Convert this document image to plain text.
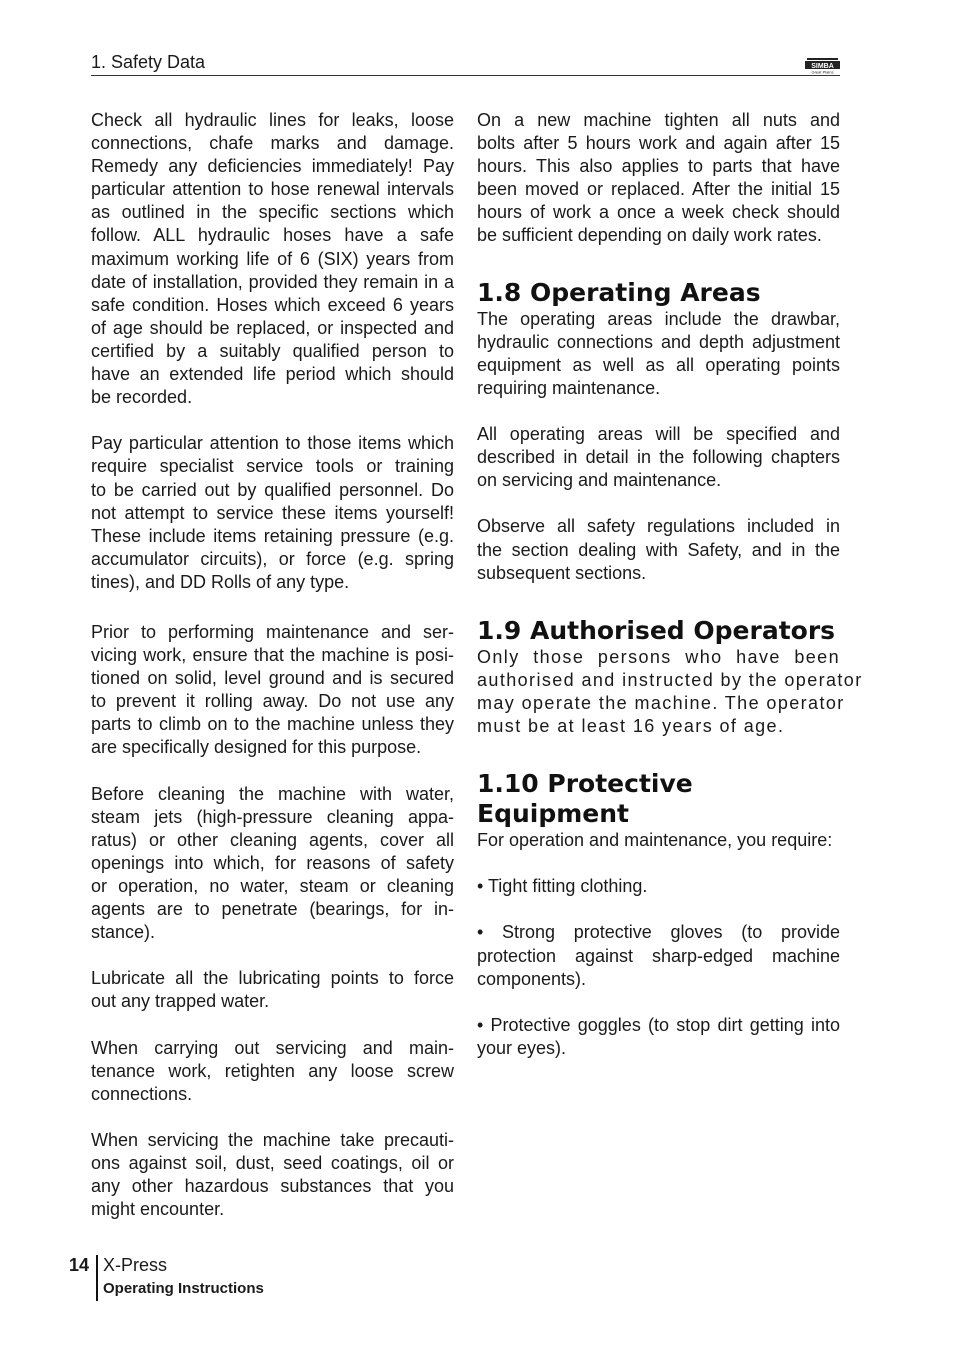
1. Safety Data	SIMBA
Great Plains
Check all hydraulic lines for leaks, loose
connections, chafe marks and damage.
Remedy any deficiencies immediately! Pay
particular attention to hose renewal intervals
as outlined in the specific sections which
follow. ALL hydraulic hoses have a safe
maximum working life of 6 (SIX) years from
date of installation, provided they remain in a
safe condition. Hoses which exceed 6 years
of age should be replaced, or inspected and
certified by a suitably qualified person to
have an extended life period which should
be recorded.
Pay particular attention to those items which
require specialist service tools or training
to be carried out by qualified personnel. Do
not attempt to service these items yourself!
These include items retaining pressure (e.g.
accumulator circuits), or force (e.g. spring
tines), and DD Rolls of any type.
Prior to performing maintenance and ser-
vicing work, ensure that the machine is posi-
tioned on solid, level ground and is secured
to prevent it rolling away. Do not use any
parts to climb on to the machine unless they
are specifically designed for this purpose.
Before cleaning the machine with water,
steam jets (high-pressure cleaning appa-
ratus) or other cleaning agents, cover all
openings into which, for reasons of safety
or operation, no water, steam or cleaning
agents are to penetrate (bearings, for in-
stance).
Lubricate all the lubricating points to force
out any trapped water.
When carrying out servicing and main-
tenance work, retighten any loose screw
connections.
When servicing the machine take precauti-
ons against soil, dust, seed coatings, oil or
any other hazardous substances that you
might encounter.
On a new machine tighten all nuts and
bolts after 5 hours work and again after 15
hours. This also applies to parts that have
been moved or replaced. After the initial 15
hours of work a once a week check should
be sufficient depending on daily work rates.
1.8 Operating Areas
The operating areas include the drawbar,
hydraulic connections and depth adjustment
equipment as well as all operating points
requiring maintenance.
All operating areas will be specified and
described in detail in the following chapters
on servicing and maintenance.
Observe all safety regulations included in
the section dealing with Safety, and in the
subsequent sections.
1.9 Authorised Operators
Only those persons who have been
authorised and instructed by the operator
may operate the machine. The operator
must be at least 16 years of age.
1.10 Protective
Equipment
For operation and maintenance, you require:
• Tight fitting clothing.
• Strong protective gloves (to provide
protection against sharp-edged machine
components).
• Protective goggles (to stop dirt getting into
your eyes).
14 X-Press
Operating Instructions
